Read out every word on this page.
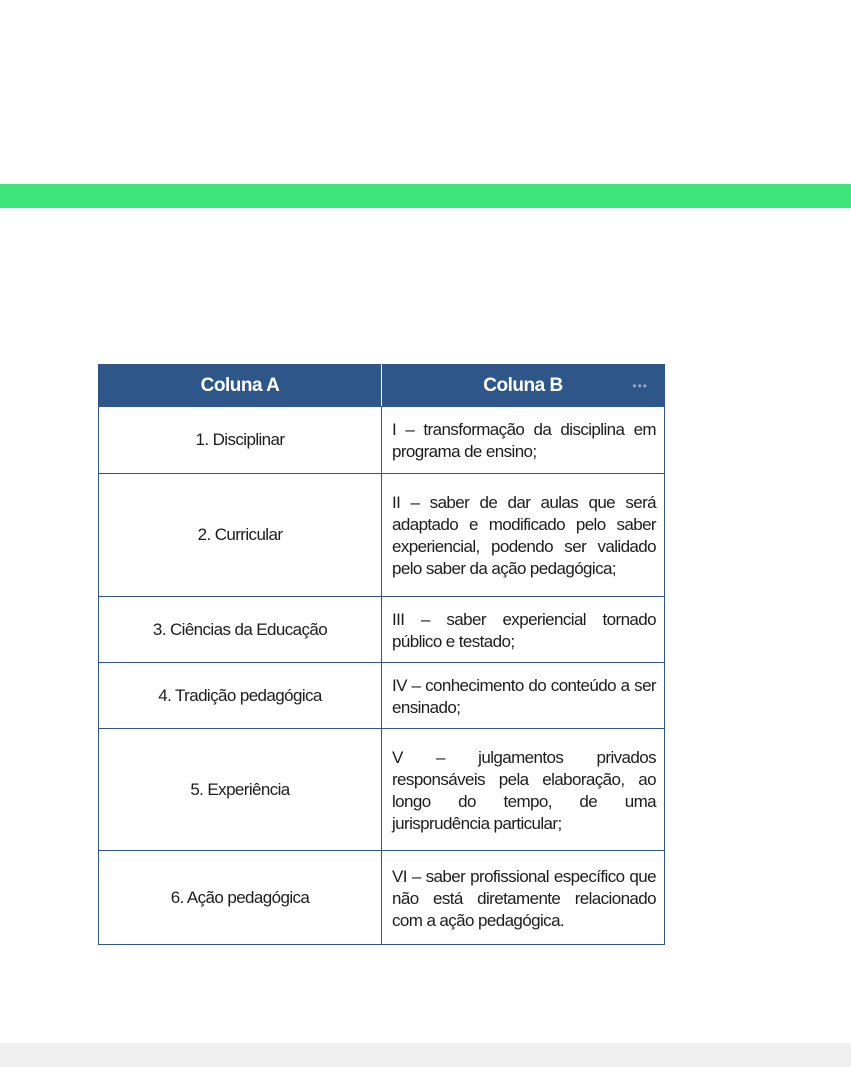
Coluna A	Coluna B •••

1. Disciplinar	I – transformação da disciplina em programa de ensino;
2. Curricular	II – saber de dar aulas que será adaptado e modificado pelo saber experiencial, podendo ser validado pelo saber da ação pedagógica;
3. Ciências da Educação	III – saber experiencial tornado público e testado;
4. Tradição pedagógica	IV – conhecimento do conteúdo a ser ensinado;
5. Experiência	V – julgamentos privados responsáveis pela elaboração, ao longo do tempo, de uma jurisprudência particular;
6. Ação pedagógica	VI – saber profissional específico que não está diretamente relacionado com a ação pedagógica.
